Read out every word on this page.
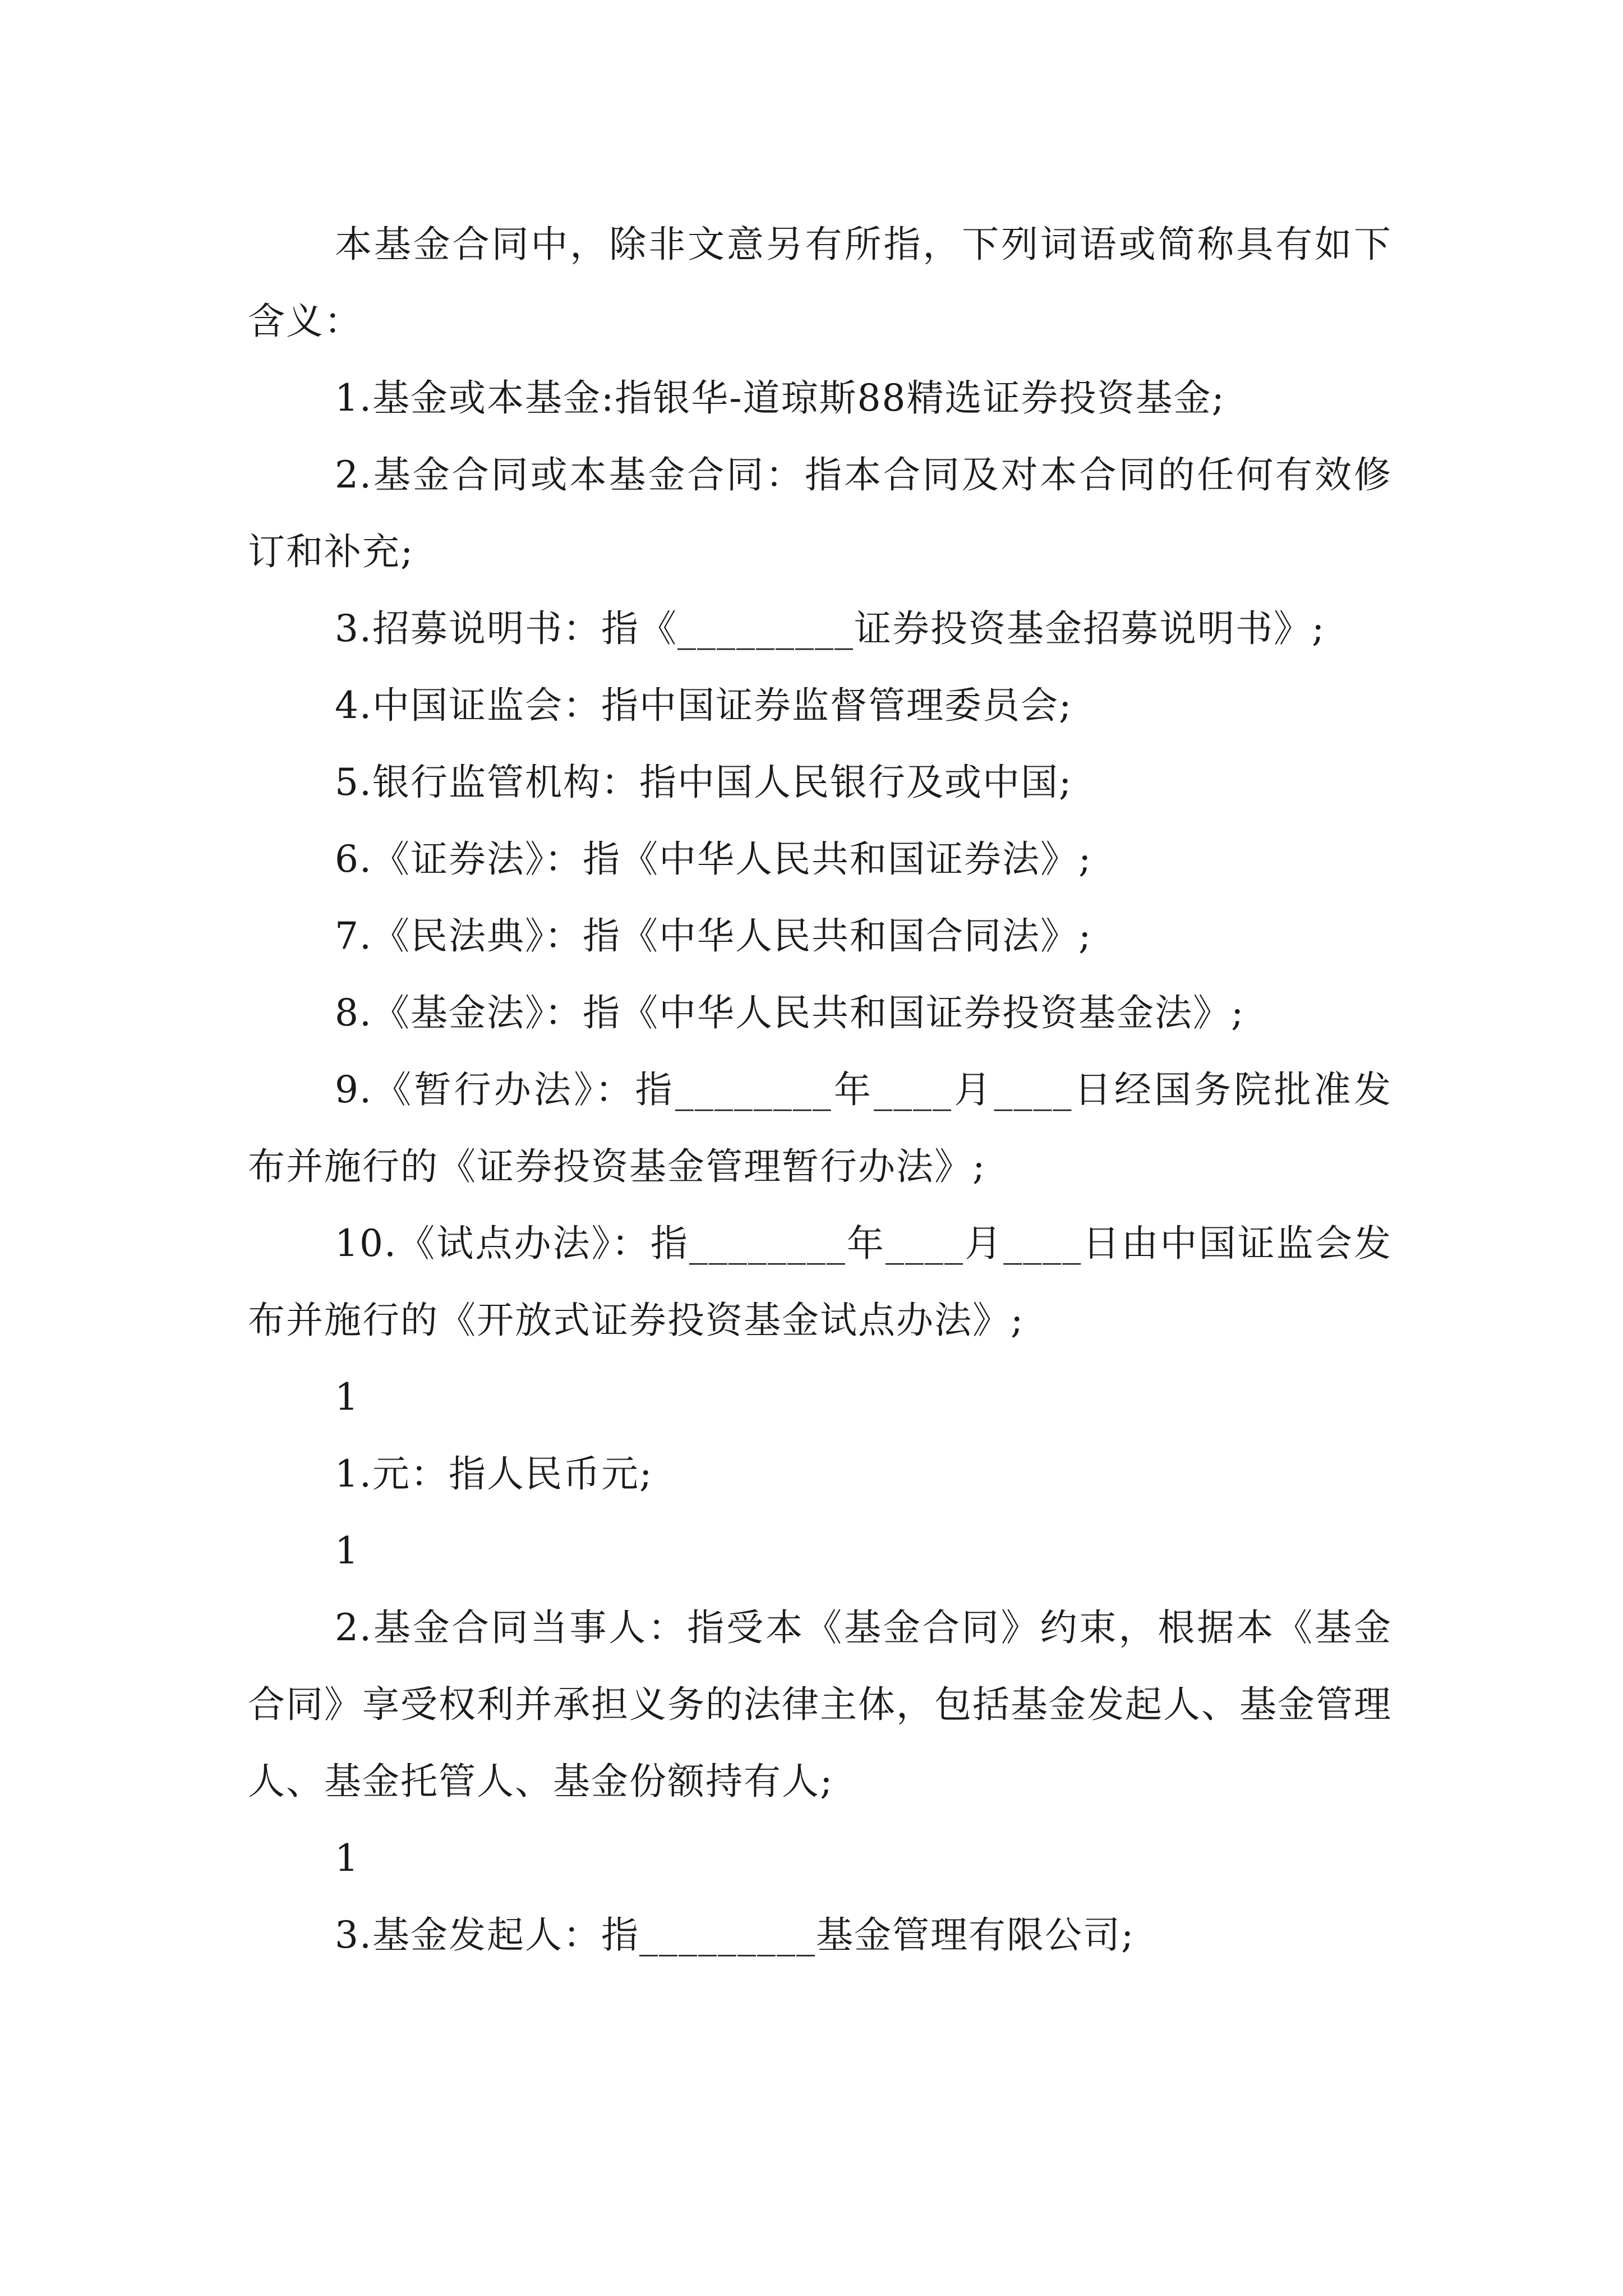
本基金合同中，除非文意另有所指，下列词语或简称具有如下含义：

1.基金或本基金:指银华-道琼斯88精选证券投资基金;

2.基金合同或本基金合同：指本合同及对本合同的任何有效修订和补充;

3.招募说明书：指《_________证券投资基金招募说明书》;

4.中国证监会：指中国证券监督管理委员会;

5.银行监管机构：指中国人民银行及或中国;

6.《证券法》：指《中华人民共和国证券法》;

7.《民法典》：指《中华人民共和国合同法》;

8.《基金法》：指《中华人民共和国证券投资基金法》;

9.《暂行办法》：指________年____月____日经国务院批准发布并施行的《证券投资基金管理暂行办法》;

10.《试点办法》：指________年____月____日由中国证监会发布并施行的《开放式证券投资基金试点办法》;

1

1.元：指人民币元;

1

2.基金合同当事人：指受本《基金合同》约束，根据本《基金合同》享受权利并承担义务的法律主体，包括基金发起人、基金管理人、基金托管人、基金份额持有人;

1

3.基金发起人：指_________基金管理有限公司;
